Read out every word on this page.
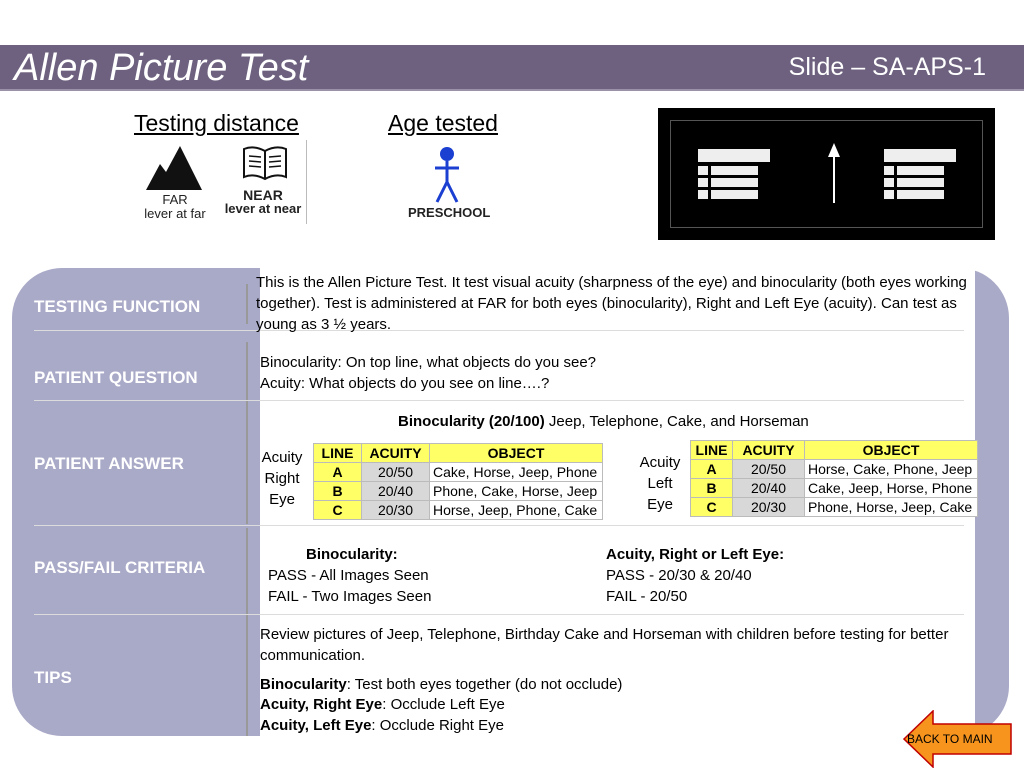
Allen Picture Test	Slide – SA-APS-1
Testing distance	Age tested
FAR
lever at far
NEAR
lever at near	PRESCHOOL
TESTING FUNCTION
PATIENT QUESTION
PATIENT ANSWER
PASS/FAIL CRITERIA
TIPS
This is the Allen Picture Test. It test visual acuity (sharpness of the eye) and binocularity (both eyes working together). Test is administered at FAR for both eyes (binocularity), Right and Left Eye (acuity). Can test as young as 3 ½ years.
Binocularity: On top line, what objects do you see?
Acuity: What objects do you see on line….?
Binocularity (20/100) Jeep, Telephone, Cake, and Horseman
Acuity
Right
Eye
LINE	ACUITY	OBJECT
A	20/50	Cake, Horse, Jeep, Phone
B	20/40	Phone, Cake, Horse, Jeep
C	20/30	Horse, Jeep, Phone, Cake
Acuity
Left
Eye
LINE	ACUITY	OBJECT
A	20/50	Horse, Cake, Phone, Jeep
B	20/40	Cake, Jeep, Horse, Phone
C	20/30	Phone, Horse, Jeep, Cake
Binocularity:
PASS - All Images Seen
FAIL - Two Images Seen
Acuity, Right or Left Eye:
PASS - 20/30 & 20/40
FAIL - 20/50
Review pictures of Jeep, Telephone, Birthday Cake and Horseman with children before testing for better communication.
Binocularity: Test both eyes together (do not occlude)
Acuity, Right Eye: Occlude Left Eye
Acuity, Left Eye: Occlude Right Eye
BACK TO MAIN
